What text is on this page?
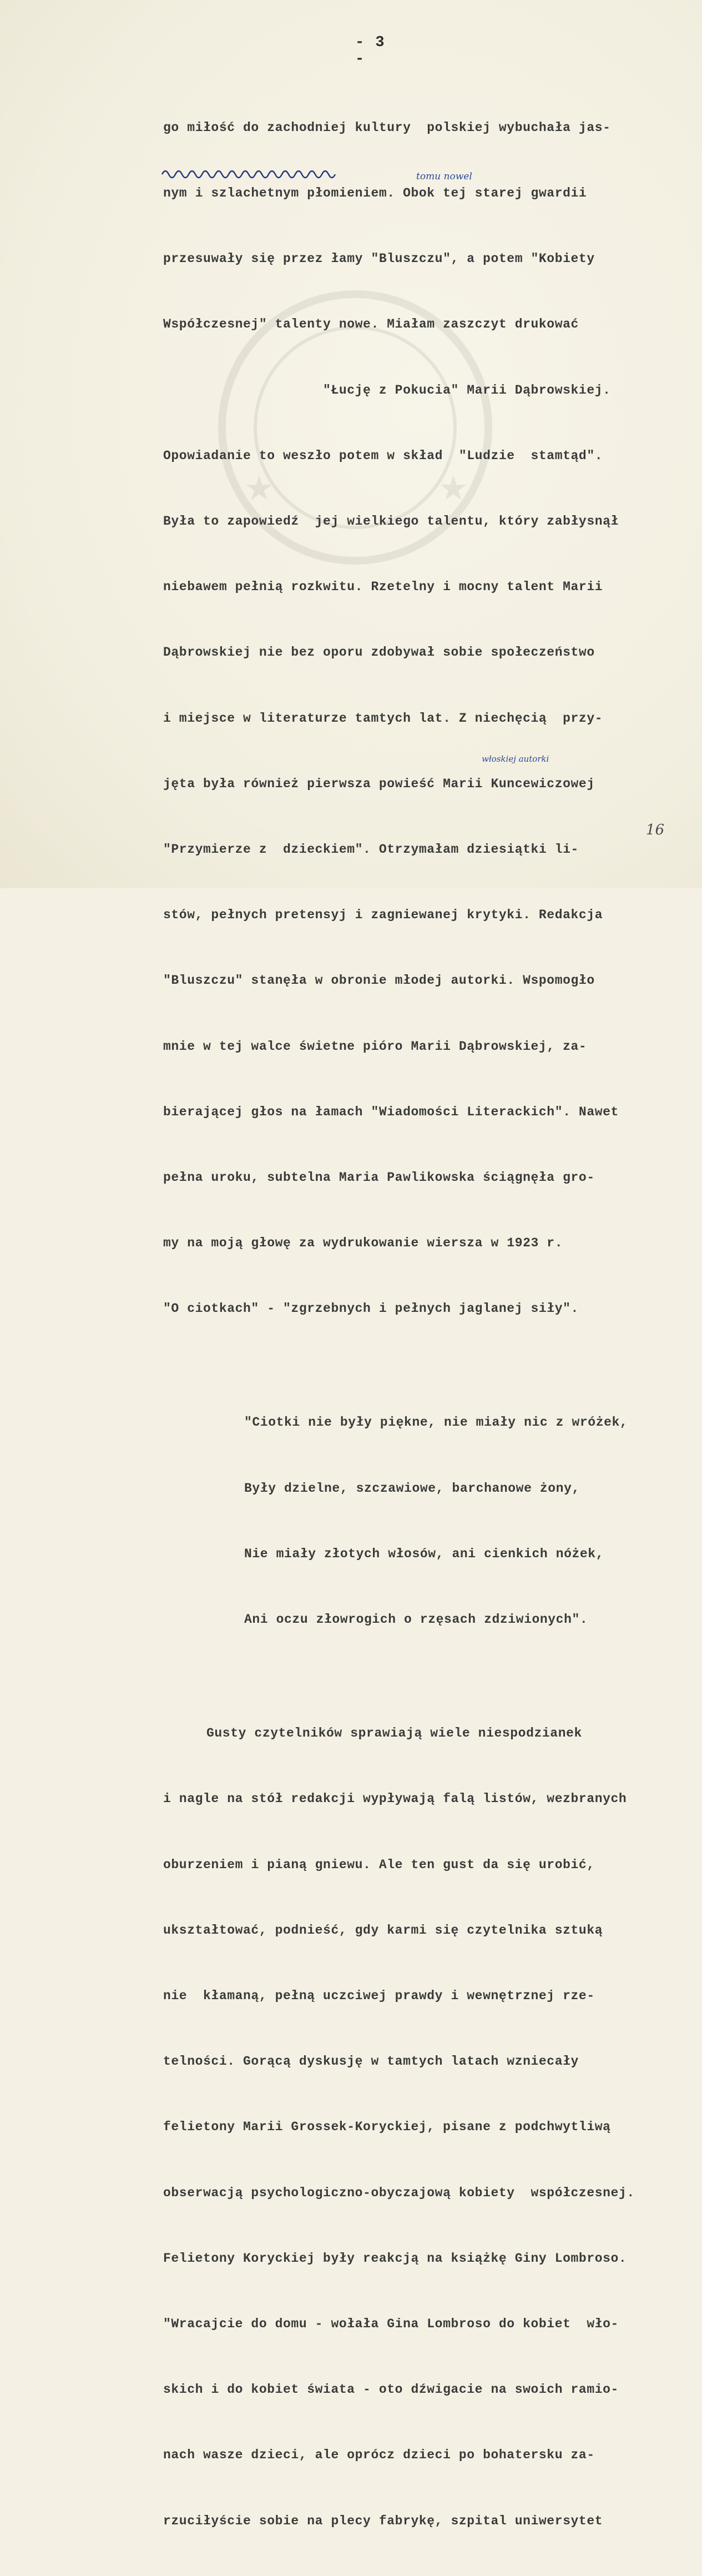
★	★
- 3 -

go miłość do zachodniej kultury  polskiej wybuchała jas-

nym i szlachetnym płomieniem. Obok tej starej gwardii

przesuwały się przez łamy "Bluszczu", a potem "Kobiety

Współczesnej" talenty nowe. Miałam zaszczyt drukować

"Łucję z Pokucia" Marii Dąbrowskiej.

Opowiadanie to weszło potem w skład  "Ludzie  stamtąd".

Była to zapowiedź  jej wielkiego talentu, który zabłysnął

niebawem pełnią rozkwitu. Rzetelny i mocny talent Marii

Dąbrowskiej nie bez oporu zdobywał sobie społeczeństwo

i miejsce w literaturze tamtych lat. Z niechęcią  przy-

jęta była również pierwsza powieść Marii Kuncewiczowej

"Przymierze z  dzieckiem". Otrzymałam dziesiątki li-

stów, pełnych pretensyj i zagniewanej krytyki. Redakcja

"Bluszczu" stanęła w obronie młodej autorki. Wspomogło

mnie w tej walce świetne pióro Marii Dąbrowskiej, za-

bierającej głos na łamach "Wiadomości Literackich". Nawet

pełna uroku, subtelna Maria Pawlikowska ściągnęła gro-

my na moją głowę za wydrukowanie wiersza w 1923 r.

"O ciotkach" - "zgrzebnych i pełnych jaglanej siły".

"Ciotki nie były piękne, nie miały nic z wróżek,

Były dzielne, szczawiowe, barchanowe żony,

Nie miały złotych włosów, ani cienkich nóżek,

Ani oczu złowrogich o rzęsach zdziwionych".

Gusty czytelników sprawiają wiele niespodzianek

i nagle na stół redakcji wypływają falą listów, wezbranych

oburzeniem i pianą gniewu. Ale ten gust da się urobić,

ukształtować, podnieść, gdy karmi się czytelnika sztuką

nie  kłamaną, pełną uczciwej prawdy i wewnętrznej rze-

telności. Gorącą dyskusję w tamtych latach wzniecały

felietony Marii Grossek-Koryckiej, pisane z podchwytliwą

obserwacją psychologiczno-obyczajową kobiety  współczesnej.

Felietony Koryckiej były reakcją na książkę Giny Lombroso.

"Wracajcie do domu - wołała Gina Lombroso do kobiet  wło-

skich i do kobiet świata - oto dźwigacie na swoich ramio-

nach wasze dzieci, ale oprócz dzieci po bohatersku za-

rzuciłyście sobie na plecy fabrykę, szpital uniwersytet

tomu nowel
włoskiej autorki
16
